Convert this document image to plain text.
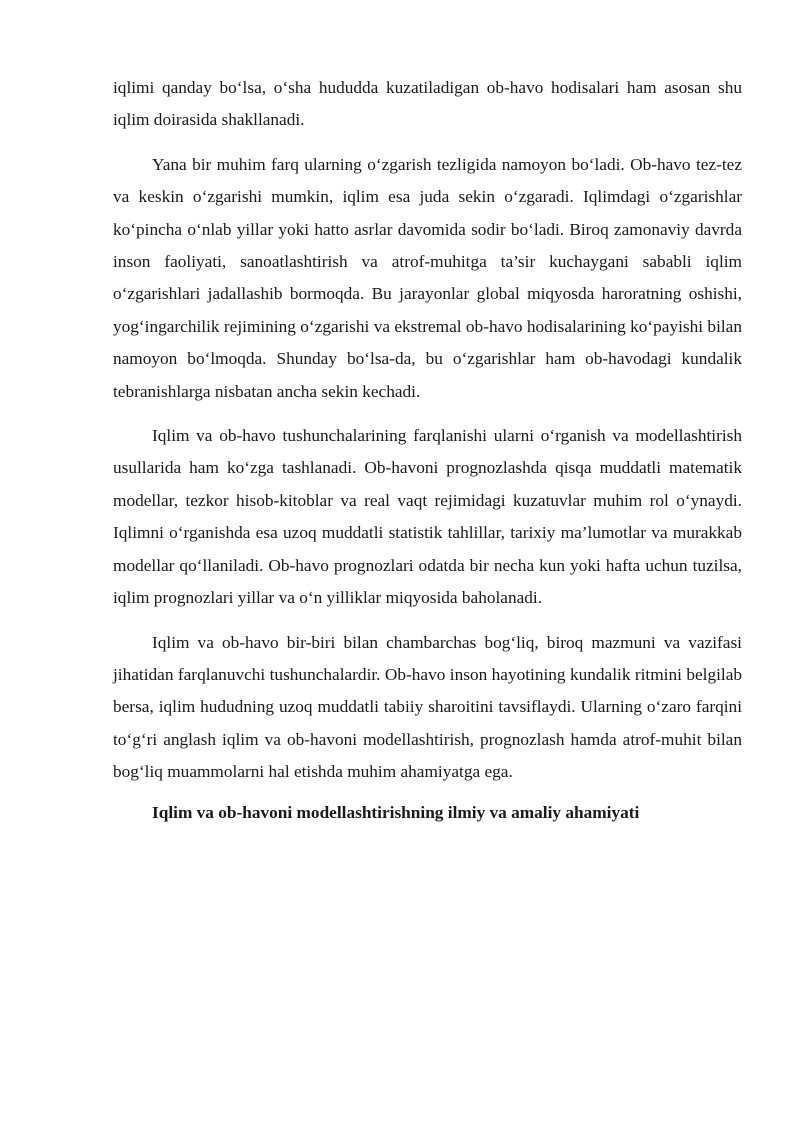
iqlimi qanday bo‘lsa, o‘sha hududda kuzatiladigan ob-havo hodisalari ham asosan shu iqlim doirasida shakllanadi.

Yana bir muhim farq ularning o‘zgarish tezligida namoyon bo‘ladi. Ob-havo tez-tez va keskin o‘zgarishi mumkin, iqlim esa juda sekin o‘zgaradi. Iqlimdagi o‘zgarishlar ko‘pincha o‘nlab yillar yoki hatto asrlar davomida sodir bo‘ladi. Biroq zamonaviy davrda inson faoliyati, sanoatlashtirish va atrof-muhitga ta’sir kuchaygani sababli iqlim o‘zgarishlari jadallashib bormoqda. Bu jarayonlar global miqyosda haroratning oshishi, yog‘ingarchilik rejimining o‘zgarishi va ekstremal ob-havo hodisalarining ko‘payishi bilan namoyon bo‘lmoqda. Shunday bo‘lsa-da, bu o‘zgarishlar ham ob-havodagi kundalik tebranishlarga nisbatan ancha sekin kechadi.

Iqlim va ob-havo tushunchalarining farqlanishi ularni o‘rganish va modellashtirish usullarida ham ko‘zga tashlanadi. Ob-havoni prognozlashda qisqa muddatli matematik modellar, tezkor hisob-kitoblar va real vaqt rejimidagi kuzatuvlar muhim rol o‘ynaydi. Iqlimni o‘rganishda esa uzoq muddatli statistik tahlillar, tarixiy ma’lumotlar va murakkab modellar qo‘llaniladi. Ob-havo prognozlari odatda bir necha kun yoki hafta uchun tuzilsa, iqlim prognozlari yillar va o‘n yilliklar miqyosida baholanadi.

Iqlim va ob-havo bir-biri bilan chambarchas bog‘liq, biroq mazmuni va vazifasi jihatidan farqlanuvchi tushunchalardir. Ob-havo inson hayotining kundalik ritmini belgilab bersa, iqlim hududning uzoq muddatli tabiiy sharoitini tavsiflaydi. Ularning o‘zaro farqini to‘g‘ri anglash iqlim va ob-havoni modellashtirish, prognozlash hamda atrof-muhit bilan bog‘liq muammolarni hal etishda muhim ahamiyatga ega.

Iqlim va ob-havoni modellashtirishning ilmiy va amaliy ahamiyati
